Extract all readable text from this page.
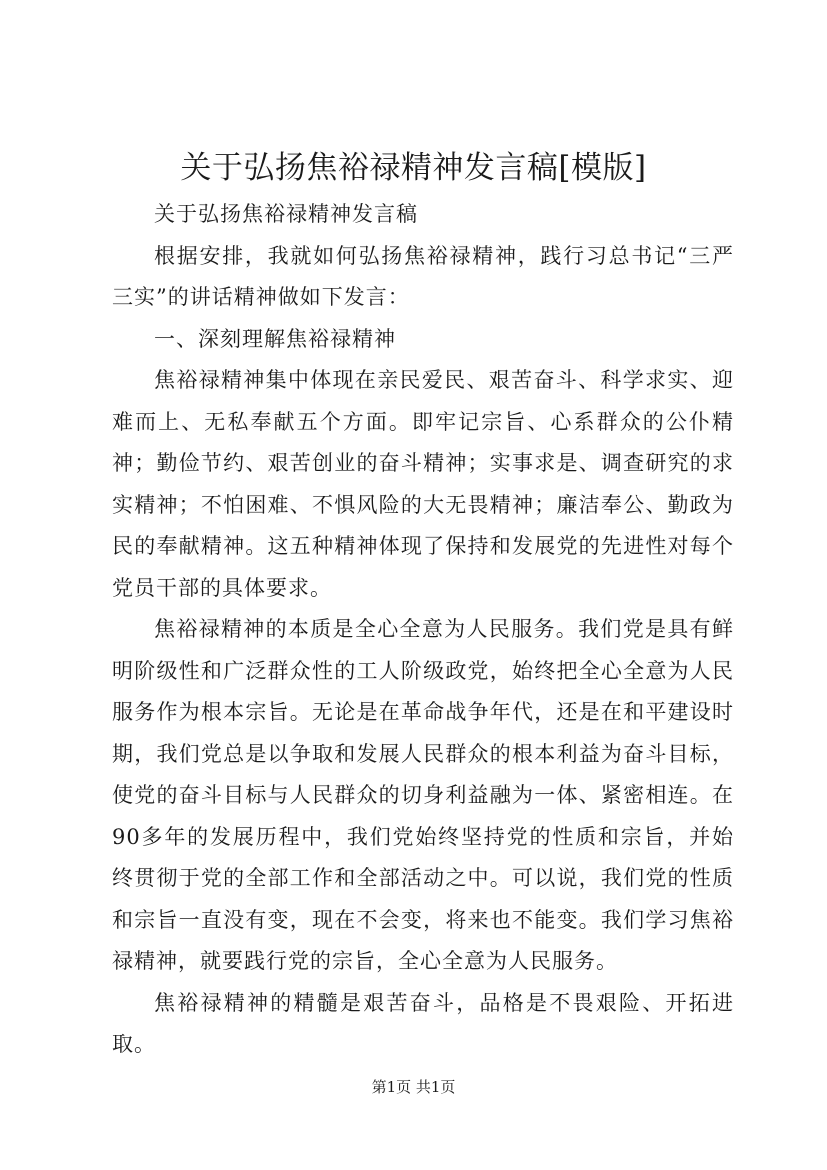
关于弘扬焦裕禄精神发言稿[模版]

关于弘扬焦裕禄精神发言稿

根据安排，我就如何弘扬焦裕禄精神，践行习总书记“三严三实”的讲话精神做如下发言：

一、深刻理解焦裕禄精神

焦裕禄精神集中体现在亲民爱民、艰苦奋斗、科学求实、迎难而上、无私奉献五个方面。即牢记宗旨、心系群众的公仆精神；勤俭节约、艰苦创业的奋斗精神；实事求是、调查研究的求实精神；不怕困难、不惧风险的大无畏精神；廉洁奉公、勤政为民的奉献精神。这五种精神体现了保持和发展党的先进性对每个党员干部的具体要求。

焦裕禄精神的本质是全心全意为人民服务。我们党是具有鲜明阶级性和广泛群众性的工人阶级政党，始终把全心全意为人民服务作为根本宗旨。无论是在革命战争年代，还是在和平建设时期，我们党总是以争取和发展人民群众的根本利益为奋斗目标，使党的奋斗目标与人民群众的切身利益融为一体、紧密相连。在90多年的发展历程中，我们党始终坚持党的性质和宗旨，并始终贯彻于党的全部工作和全部活动之中。可以说，我们党的性质和宗旨一直没有变，现在不会变，将来也不能变。我们学习焦裕禄精神，就要践行党的宗旨，全心全意为人民服务。

焦裕禄精神的精髓是艰苦奋斗，品格是不畏艰险、开拓进取。

第1页 共1页
